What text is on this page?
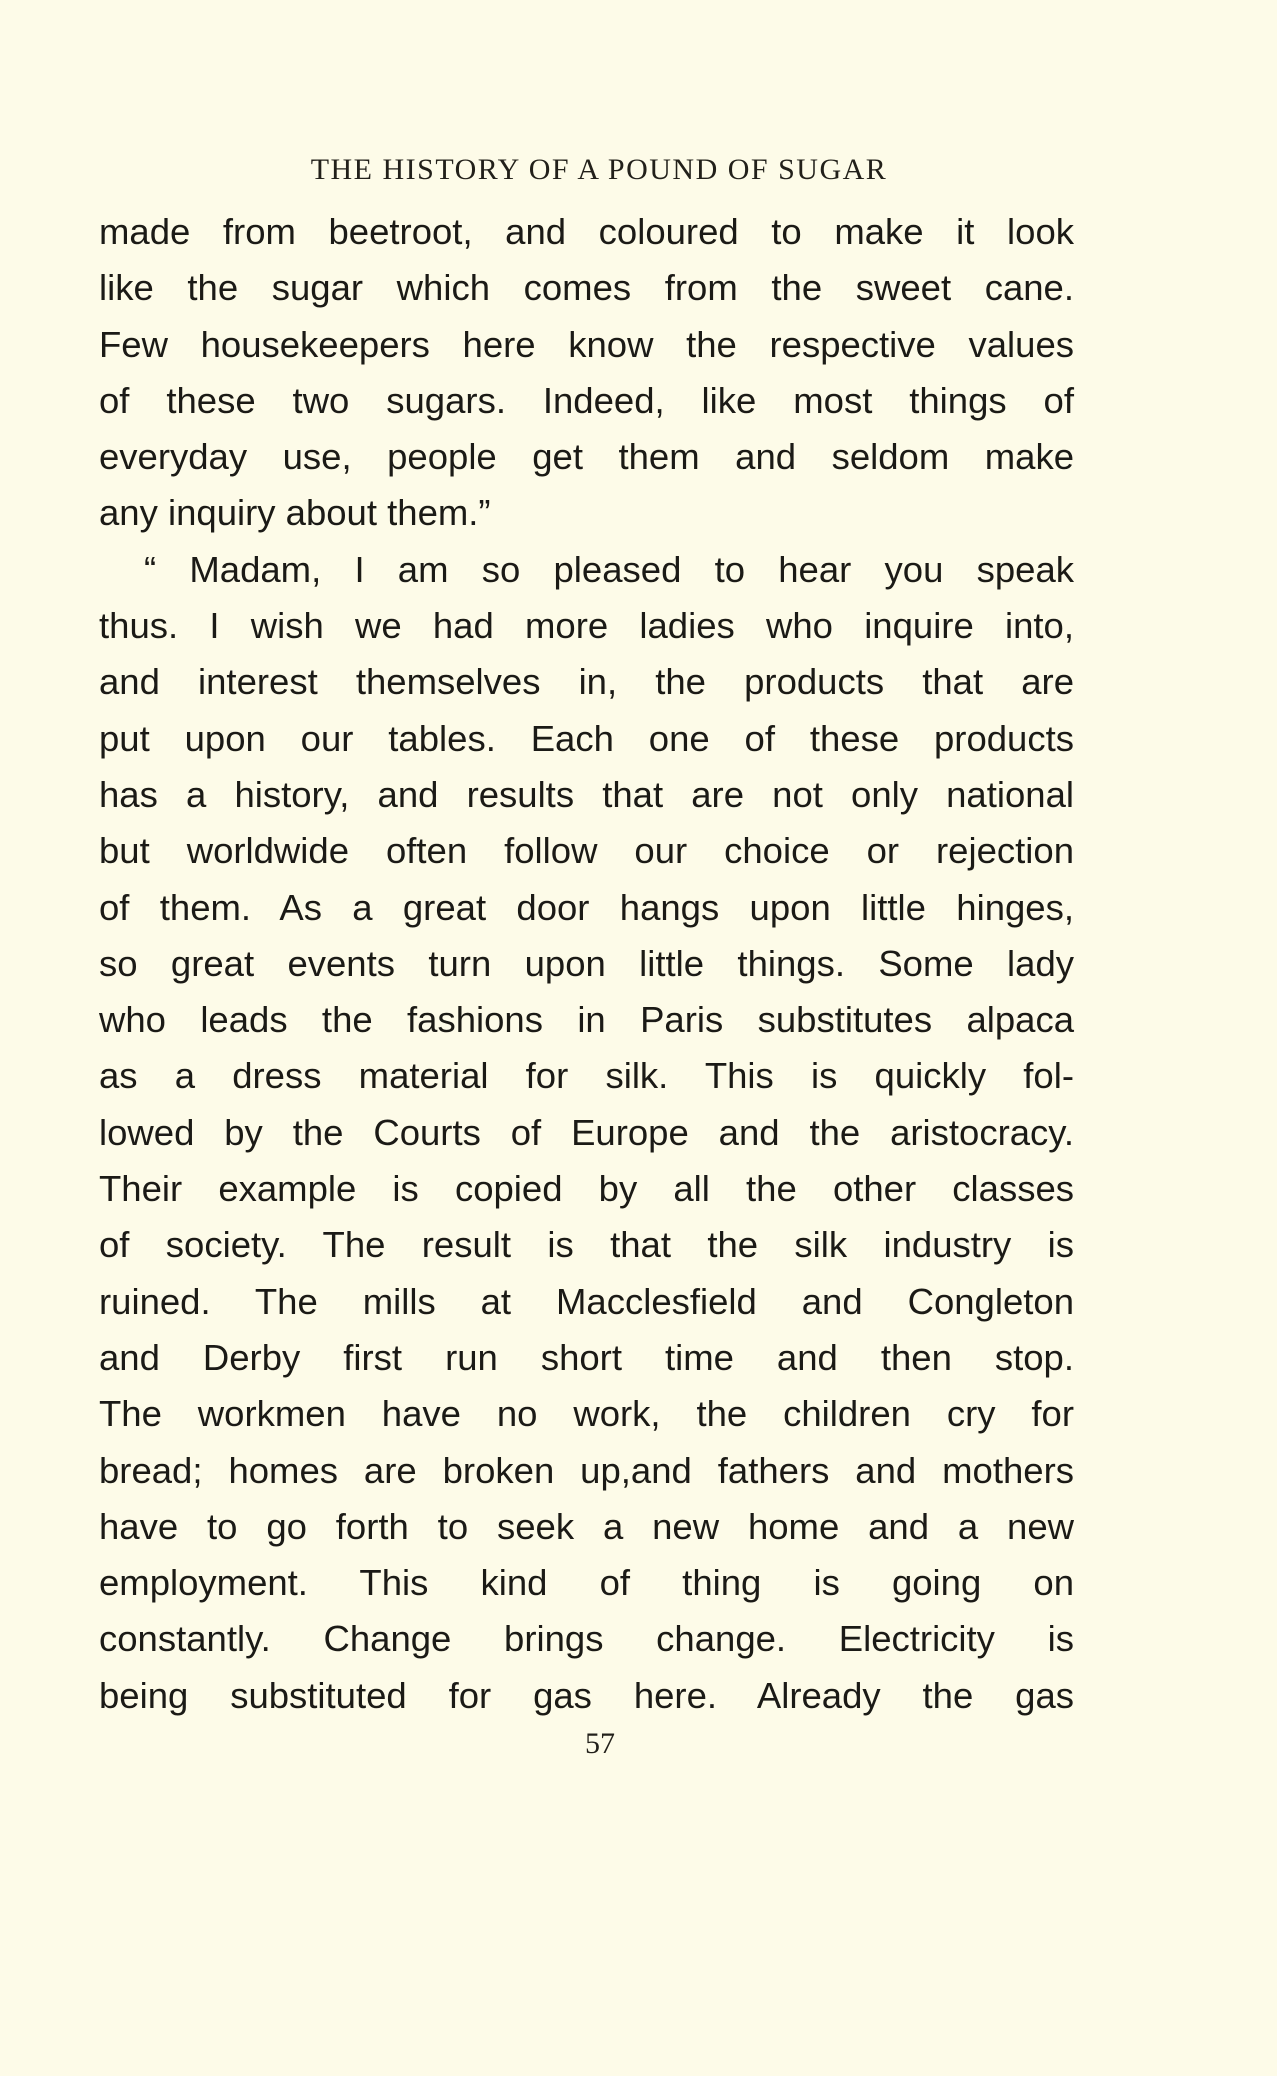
THE HISTORY OF A POUND OF SUGAR
made from beetroot, and coloured to make it look
like the sugar which comes from the sweet cane.
Few housekeepers here know the respective values
of these two sugars. Indeed, like most things of
everyday use, people get them and seldom make
any inquiry about them.”
“ Madam, I am so pleased to hear you speak
thus. I wish we had more ladies who inquire into,
and interest themselves in, the products that are
put upon our tables. Each one of these products
has a history, and results that are not only national
but worldwide often follow our choice or rejection
of them. As a great door hangs upon little hinges,
so great events turn upon little things. Some lady
who leads the fashions in Paris substitutes alpaca
as a dress material for silk. This is quickly fol-
lowed by the Courts of Europe and the aristocracy.
Their example is copied by all the other classes
of society. The result is that the silk industry is
ruined. The mills at Macclesfield and Congleton
and Derby first run short time and then stop.
The workmen have no work, the children cry for
bread; homes are broken up,and fathers and mothers
have to go forth to seek a new home and a new
employment. This kind of thing is going on
constantly. Change brings change. Electricity is
being substituted for gas here. Already the gas
57
